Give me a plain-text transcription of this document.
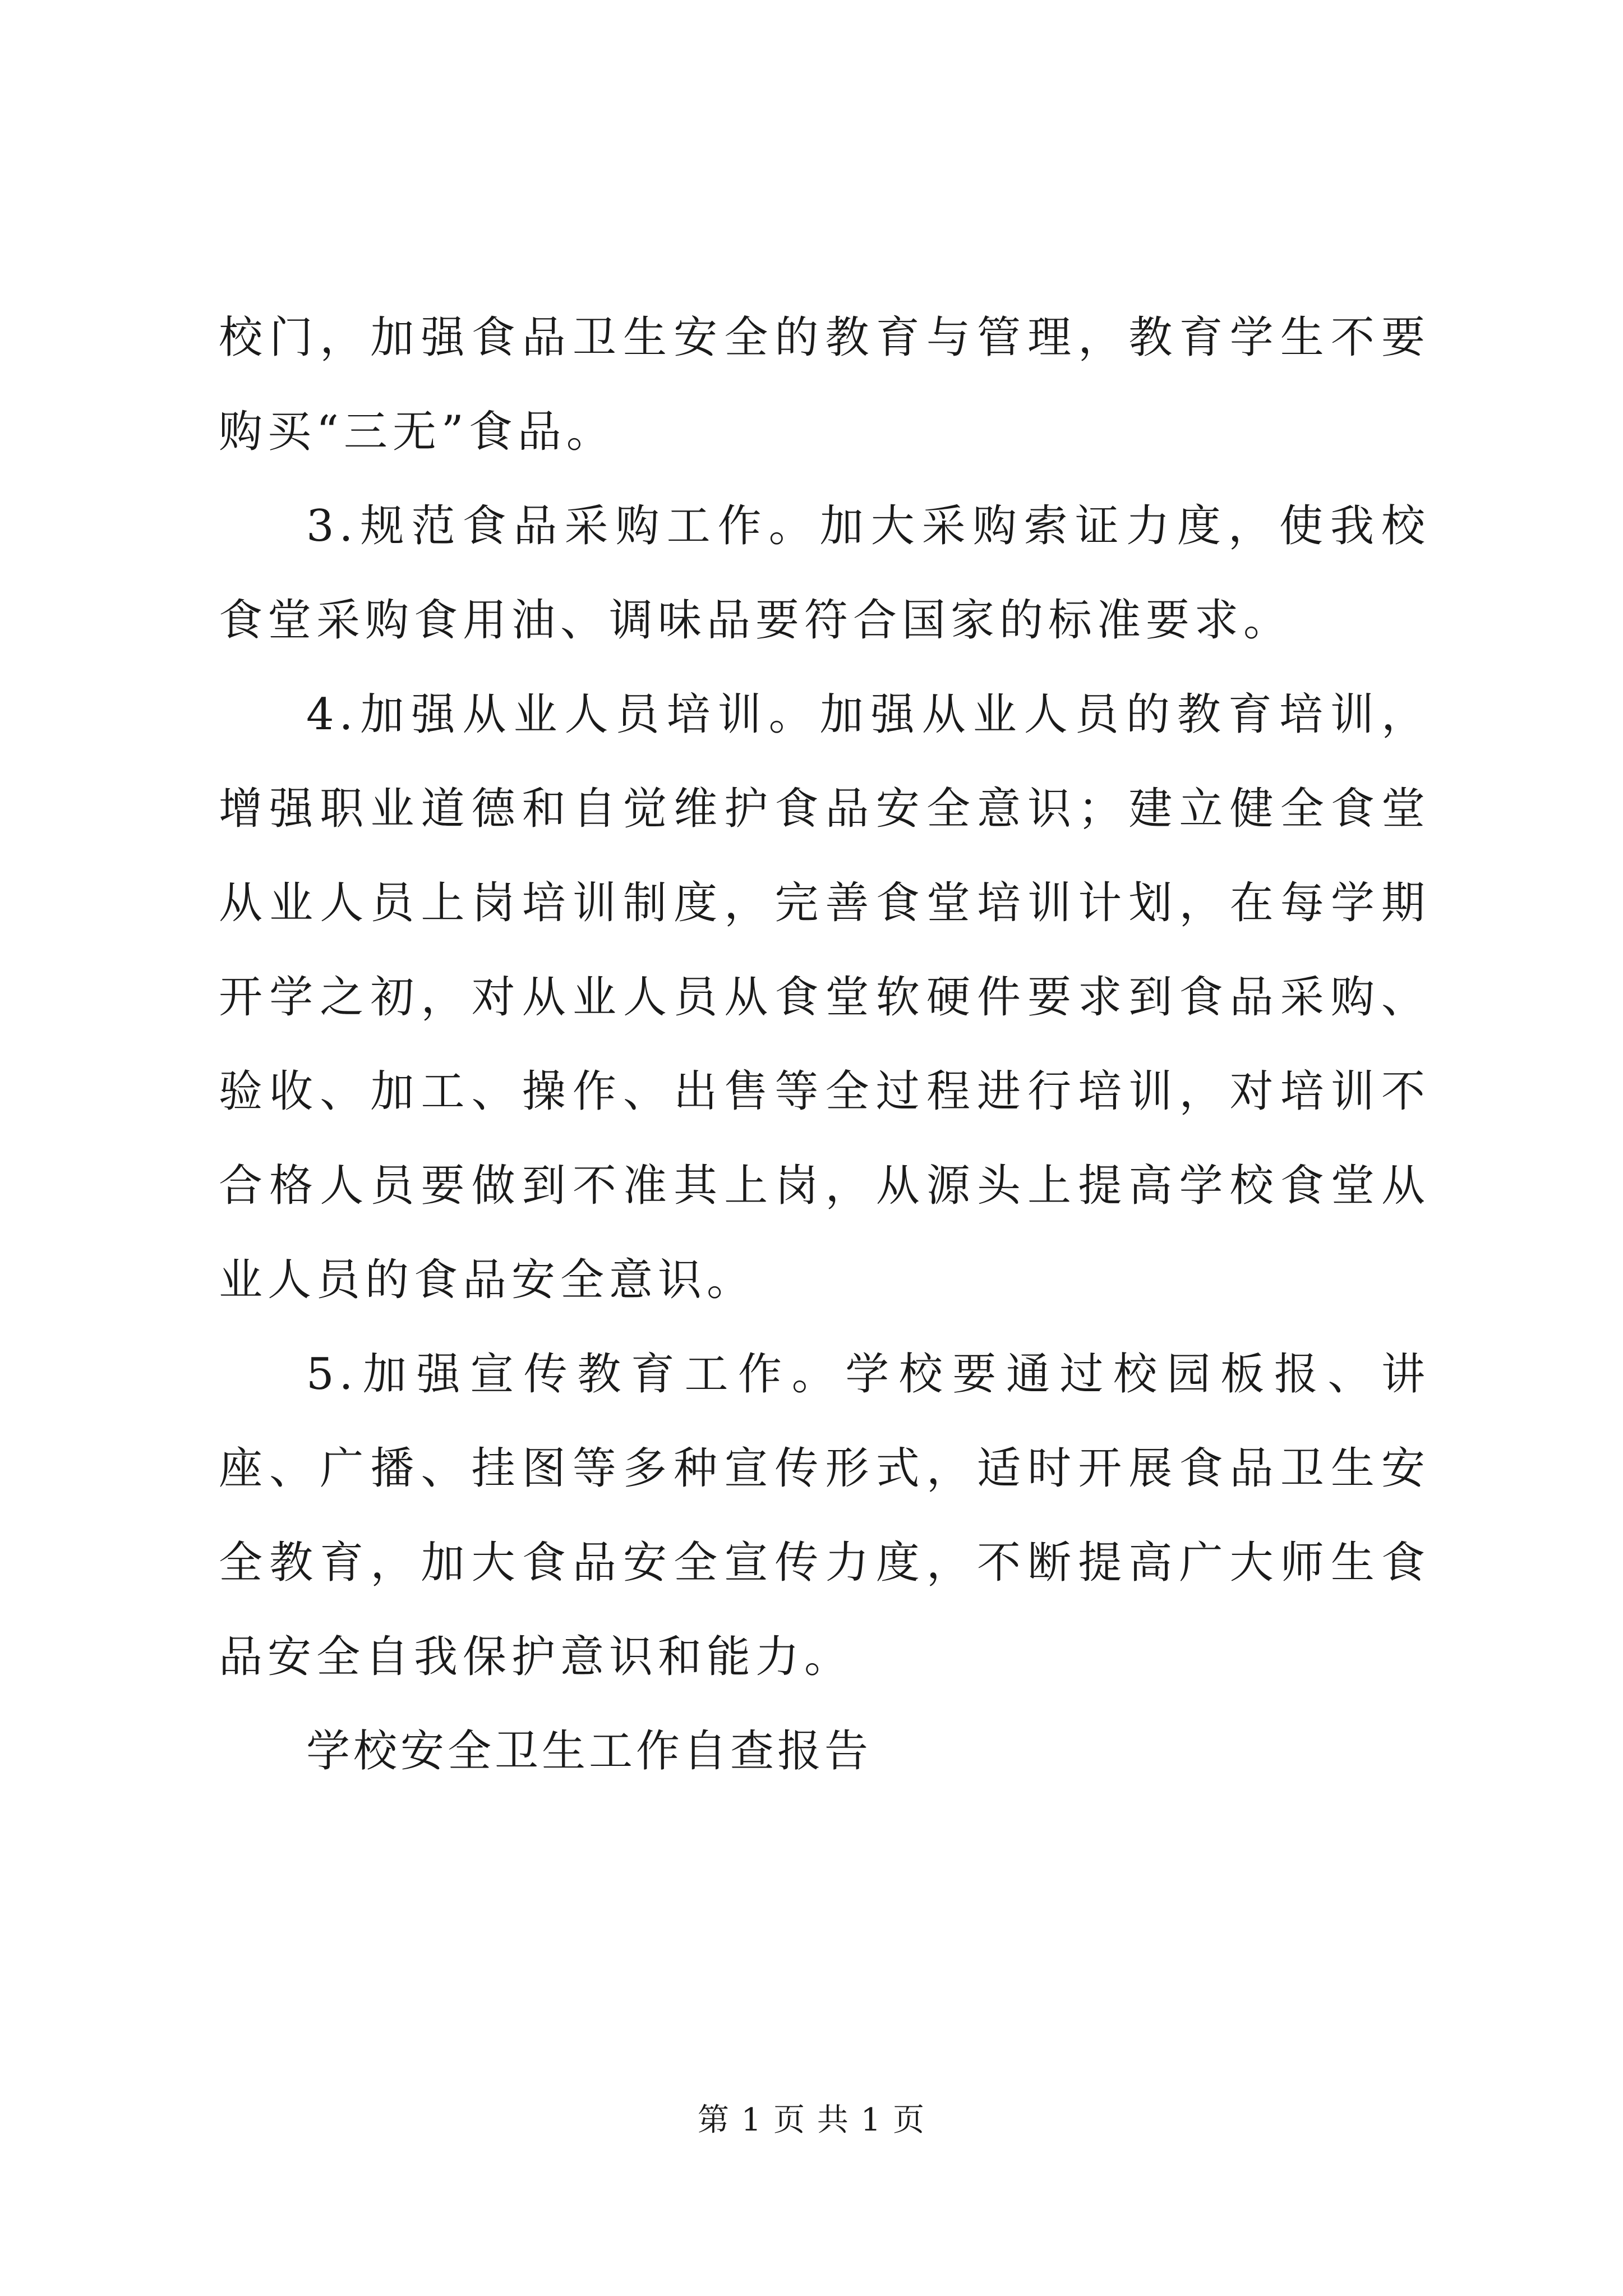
校门，加强食品卫生安全的教育与管理，教育学生不要购买“三无”食品。

3.规范食品采购工作。加大采购索证力度，使我校食堂采购食用油、调味品要符合国家的标准要求。

4.加强从业人员培训。加强从业人员的教育培训，增强职业道德和自觉维护食品安全意识；建立健全食堂从业人员上岗培训制度，完善食堂培训计划，在每学期开学之初，对从业人员从食堂软硬件要求到食品采购、验收、加工、操作、出售等全过程进行培训，对培训不合格人员要做到不准其上岗，从源头上提高学校食堂从业人员的食品安全意识。

5.加强宣传教育工作。学校要通过校园板报、讲座、广播、挂图等多种宣传形式，适时开展食品卫生安全教育，加大食品安全宣传力度，不断提高广大师生食品安全自我保护意识和能力。

学校安全卫生工作自查报告

第 1 页 共 1 页
